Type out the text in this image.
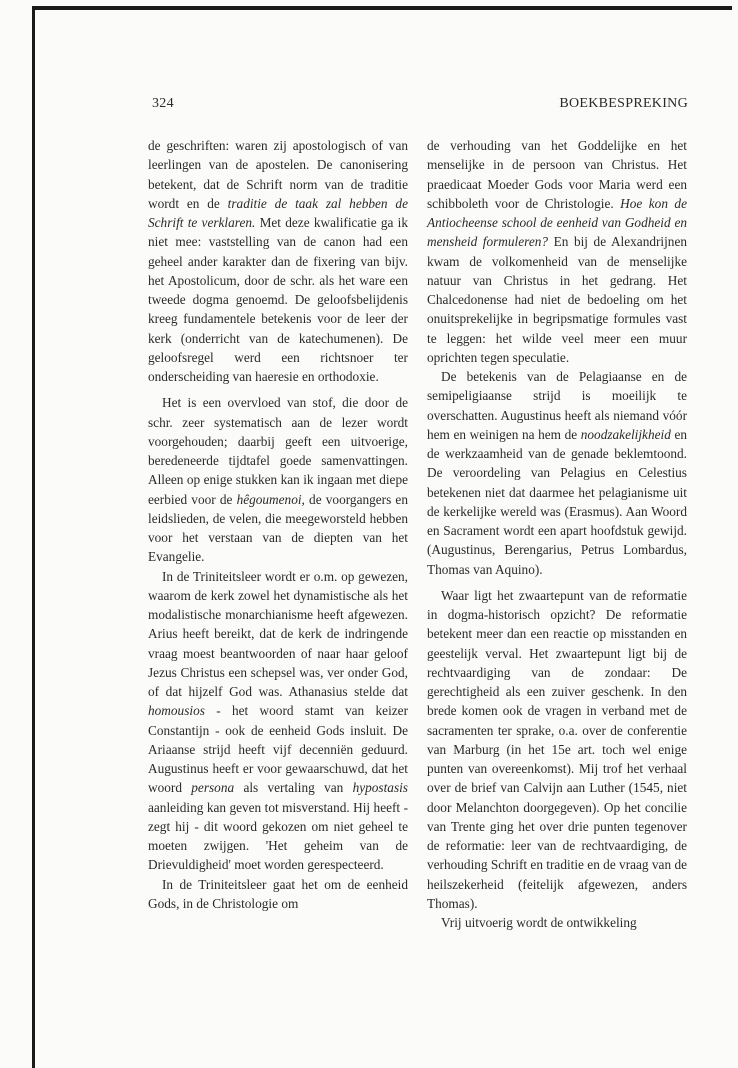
324	BOEKBESPREKING

de geschriften: waren zij apostologisch of van leerlingen van de apostelen. De canonisering betekent, dat de Schrift norm van de traditie wordt en de traditie de taak zal hebben de Schrift te verklaren. Met deze kwalificatie ga ik niet mee: vaststelling van de canon had een geheel ander karakter dan de fixering van bijv. het Apostolicum, door de schr. als het ware een tweede dogma genoemd. De geloofsbelijdenis kreeg fundamentele betekenis voor de leer der kerk (onderricht van de katechumenen). De geloofsregel werd een richtsnoer ter onderscheiding van haeresie en orthodoxie.

Het is een overvloed van stof, die door de schr. zeer systematisch aan de lezer wordt voorgehouden; daarbij geeft een uitvoerige, beredeneerde tijdtafel goede samenvattingen. Alleen op enige stukken kan ik ingaan met diepe eerbied voor de hêgoumenoi, de voorgangers en leidslieden, de velen, die meegeworsteld hebben voor het verstaan van de diepten van het Evangelie.

In de Triniteitsleer wordt er o.m. op gewezen, waarom de kerk zowel het dynamistische als het modalistische monarchianisme heeft afgewezen. Arius heeft bereikt, dat de kerk de indringende vraag moest beantwoorden of naar haar geloof Jezus Christus een schepsel was, ver onder God, of dat hijzelf God was. Athanasius stelde dat homousios - het woord stamt van keizer Constantijn - ook de eenheid Gods insluit. De Ariaanse strijd heeft vijf decenniën geduurd. Augustinus heeft er voor gewaarschuwd, dat het woord persona als vertaling van hypostasis aanleiding kan geven tot misverstand. Hij heeft - zegt hij - dit woord gekozen om niet geheel te moeten zwijgen. 'Het geheim van de Drievuldigheid' moet worden gerespecteerd.

In de Triniteitsleer gaat het om de eenheid Gods, in de Christologie om

de verhouding van het Goddelijke en het menselijke in de persoon van Christus. Het praedicaat Moeder Gods voor Maria werd een schibboleth voor de Christologie. Hoe kon de Antiocheense school de eenheid van Godheid en mensheid formuleren? En bij de Alexandrijnen kwam de volkomenheid van de menselijke natuur van Christus in het gedrang. Het Chalcedonense had niet de bedoeling om het onuitsprekelijke in begripsmatige formules vast te leggen: het wilde veel meer een muur oprichten tegen speculatie.

De betekenis van de Pelagiaanse en de semipeligiaanse strijd is moeilijk te overschatten. Augustinus heeft als niemand vóór hem en weinigen na hem de noodzakelijkheid en de werkzaamheid van de genade beklemtoond. De veroordeling van Pelagius en Celestius betekenen niet dat daarmee het pelagianisme uit de kerkelijke wereld was (Erasmus). Aan Woord en Sacrament wordt een apart hoofdstuk gewijd. (Augustinus, Berengarius, Petrus Lombardus, Thomas van Aquino).

Waar ligt het zwaartepunt van de reformatie in dogma-historisch opzicht? De reformatie betekent meer dan een reactie op misstanden en geestelijk verval. Het zwaartepunt ligt bij de rechtvaardiging van de zondaar: De gerechtigheid als een zuiver geschenk. In den brede komen ook de vragen in verband met de sacramenten ter sprake, o.a. over de conferentie van Marburg (in het 15e art. toch wel enige punten van overeenkomst). Mij trof het verhaal over de brief van Calvijn aan Luther (1545, niet door Melanchton doorgegeven). Op het concilie van Trente ging het over drie punten tegenover de reformatie: leer van de rechtvaardiging, de verhouding Schrift en traditie en de vraag van de heilszekerheid (feitelijk afgewezen, anders Thomas).

Vrij uitvoerig wordt de ontwikkeling
